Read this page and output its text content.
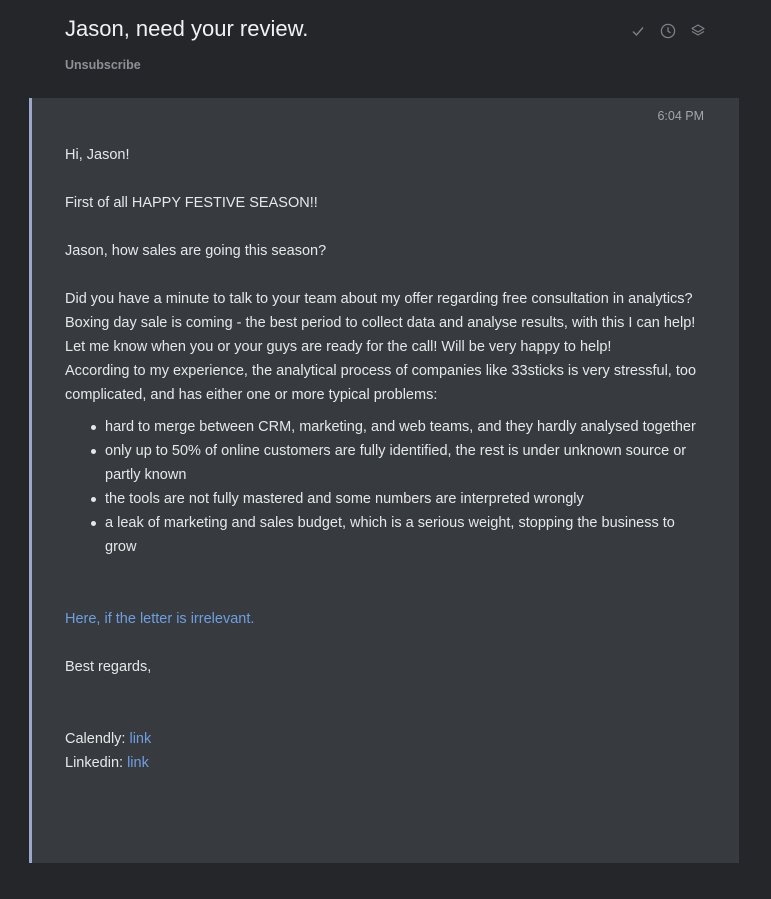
Jason, need your review.
Unsubscribe
6:04 PM

Hi, Jason!

First of all HAPPY FESTIVE SEASON!!

Jason, how sales are going this season?

Did you have a minute to talk to your team about my offer regarding free consultation in analytics? Boxing day sale is coming - the best period to collect data and analyse results, with this I can help!

Let me know when you or your guys are ready for the call! Will be very happy to help!

According to my experience, the analytical process of companies like 33sticks is very stressful, too complicated, and has either one or more typical problems:

hard to merge between CRM, marketing, and web teams, and they hardly analysed together
only up to 50% of online customers are fully identified, the rest is under unknown source or partly known
the tools are not fully mastered and some numbers are interpreted wrongly
a leak of marketing and sales budget, which is a serious weight, stopping the business to grow

Here, if the letter is irrelevant.

Best regards,

Calendly: link

Linkedin: link
